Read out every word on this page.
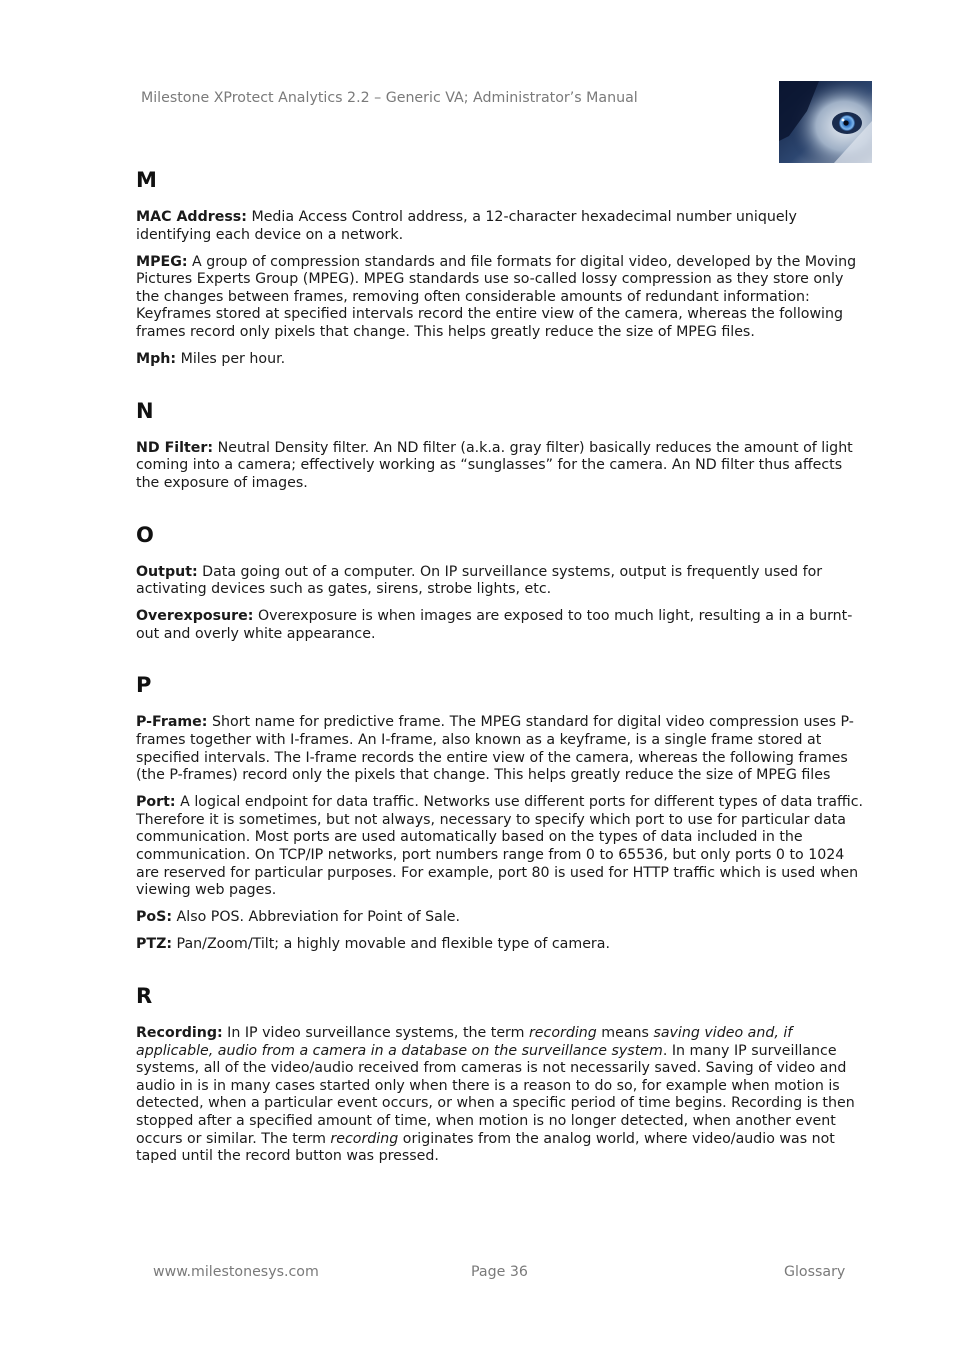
Milestone XProtect Analytics 2.2 – Generic VA; Administrator’s Manual
M

MAC Address: Media Access Control address, a 12-character hexadecimal number uniquely identifying each device on a network.

MPEG: A group of compression standards and file formats for digital video, developed by the Moving Pictures Experts Group (MPEG). MPEG standards use so-called lossy compression as they store only the changes between frames, removing often considerable amounts of redundant information: Keyframes stored at specified intervals record the entire view of the camera, whereas the following frames record only pixels that change. This helps greatly reduce the size of MPEG files.

Mph: Miles per hour.

N

ND Filter: Neutral Density filter. An ND filter (a.k.a. gray filter) basically reduces the amount of light coming into a camera; effectively working as “sunglasses” for the camera. An ND filter thus affects the exposure of images.

O

Output: Data going out of a computer. On IP surveillance systems, output is frequently used for activating devices such as gates, sirens, strobe lights, etc.

Overexposure: Overexposure is when images are exposed to too much light, resulting a in a burnt-out and overly white appearance.

P

P-Frame: Short name for predictive frame. The MPEG standard for digital video compression uses P-frames together with I-frames. An I-frame, also known as a keyframe, is a single frame stored at specified intervals. The I-frame records the entire view of the camera, whereas the following frames (the P-frames) record only the pixels that change. This helps greatly reduce the size of MPEG files

Port: A logical endpoint for data traffic. Networks use different ports for different types of data traffic. Therefore it is sometimes, but not always, necessary to specify which port to use for particular data communication. Most ports are used automatically based on the types of data included in the communication. On TCP/IP networks, port numbers range from 0 to 65536, but only ports 0 to 1024 are reserved for particular purposes. For example, port 80 is used for HTTP traffic which is used when viewing web pages.

PoS: Also POS. Abbreviation for Point of Sale.

PTZ: Pan/Zoom/Tilt; a highly movable and flexible type of camera.

R

Recording: In IP video surveillance systems, the term recording means saving video and, if applicable, audio from a camera in a database on the surveillance system. In many IP surveillance systems, all of the video/audio received from cameras is not necessarily saved. Saving of video and audio in is in many cases started only when there is a reason to do so, for example when motion is detected, when a particular event occurs, or when a specific period of time begins. Recording is then stopped after a specified amount of time, when motion is no longer detected, when another event occurs or similar. The term recording originates from the analog world, where video/audio was not taped until the record button was pressed.

www.milestonesys.com	Page 36	Glossary
